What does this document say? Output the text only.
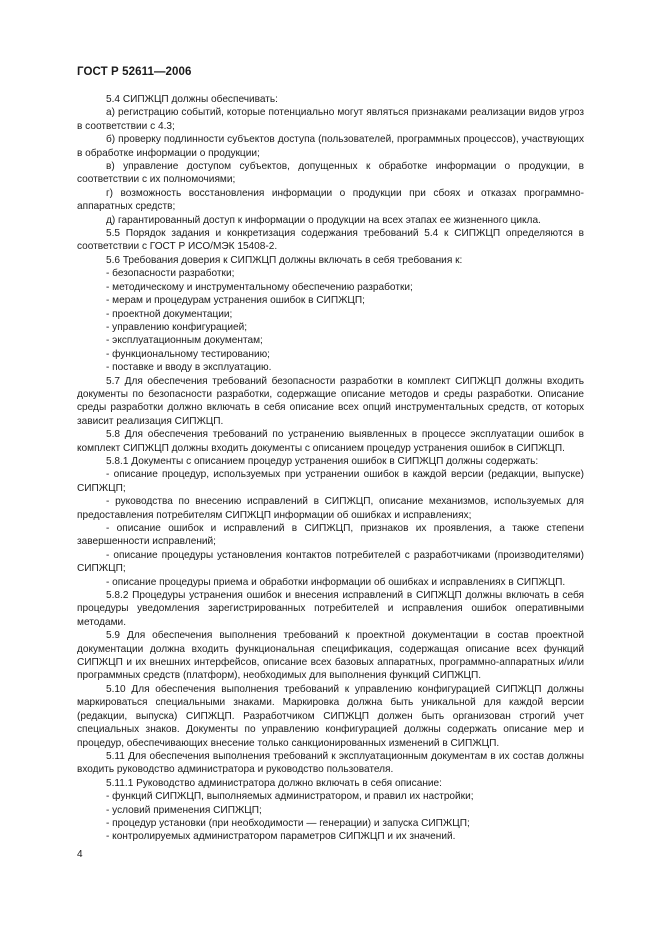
ГОСТ Р 52611—2006

5.4 СИПЖЦП должны обеспечивать:

а) регистрацию событий, которые потенциально могут являться признаками реализации видов угроз в соответствии с 4.3;

б) проверку подлинности субъектов доступа (пользователей, программных процессов), участвующих в обработке информации о продукции;

в) управление доступом субъектов, допущенных к обработке информации о продукции, в соответствии с их полномочиями;

г) возможность восстановления информации о продукции при сбоях и отказах программно-аппаратных средств;

д) гарантированный доступ к информации о продукции на всех этапах ее жизненного цикла.

5.5 Порядок задания и конкретизация содержания требований 5.4 к СИПЖЦП определяются в соответствии с ГОСТ Р ИСО/МЭК 15408-2.

5.6 Требования доверия к СИПЖЦП должны включать в себя требования к:

- безопасности разработки;

- методическому и инструментальному обеспечению разработки;

- мерам и процедурам устранения ошибок в СИПЖЦП;

- проектной документации;

- управлению конфигурацией;

- эксплуатационным документам;

- функциональному тестированию;

- поставке и вводу в эксплуатацию.

5.7 Для обеспечения требований безопасности разработки в комплект СИПЖЦП должны входить документы по безопасности разработки, содержащие описание методов и среды разработки. Описание среды разработки должно включать в себя описание всех опций инструментальных средств, от которых зависит реализация СИПЖЦП.

5.8 Для обеспечения требований по устранению выявленных в процессе эксплуатации ошибок в комплект СИПЖЦП должны входить документы с описанием процедур устранения ошибок в СИПЖЦП.

5.8.1 Документы с описанием процедур устранения ошибок в СИПЖЦП должны содержать:

- описание процедур, используемых при устранении ошибок в каждой версии (редакции, выпуске) СИПЖЦП;

- руководства по внесению исправлений в СИПЖЦП, описание механизмов, используемых для предоставления потребителям СИПЖЦП информации об ошибках и исправлениях;

- описание ошибок и исправлений в СИПЖЦП, признаков их проявления, а также степени завершенности исправлений;

- описание процедуры установления контактов потребителей с разработчиками (производителями) СИПЖЦП;

- описание процедуры приема и обработки информации об ошибках и исправлениях в СИПЖЦП.

5.8.2 Процедуры устранения ошибок и внесения исправлений в СИПЖЦП должны включать в себя процедуры уведомления зарегистрированных потребителей и исправления ошибок оперативными методами.

5.9 Для обеспечения выполнения требований к проектной документации в состав проектной документации должна входить функциональная спецификация, содержащая описание всех функций СИПЖЦП и их внешних интерфейсов, описание всех базовых аппаратных, программно-аппаратных и/или программных средств (платформ), необходимых для выполнения функций СИПЖЦП.

5.10 Для обеспечения выполнения требований к управлению конфигурацией СИПЖЦП должны маркироваться специальными знаками. Маркировка должна быть уникальной для каждой версии (редакции, выпуска) СИПЖЦП. Разработчиком СИПЖЦП должен быть организован строгий учет специальных знаков. Документы по управлению конфигурацией должны содержать описание мер и процедур, обеспечивающих внесение только санкционированных изменений в СИПЖЦП.

5.11 Для обеспечения выполнения требований к эксплуатационным документам в их состав должны входить руководство администратора и руководство пользователя.

5.11.1 Руководство администратора должно включать в себя описание:

- функций СИПЖЦП, выполняемых администратором, и правил их настройки;

- условий применения СИПЖЦП;

- процедур установки (при необходимости — генерации) и запуска СИПЖЦП;

- контролируемых администратором параметров СИПЖЦП и их значений.

4
